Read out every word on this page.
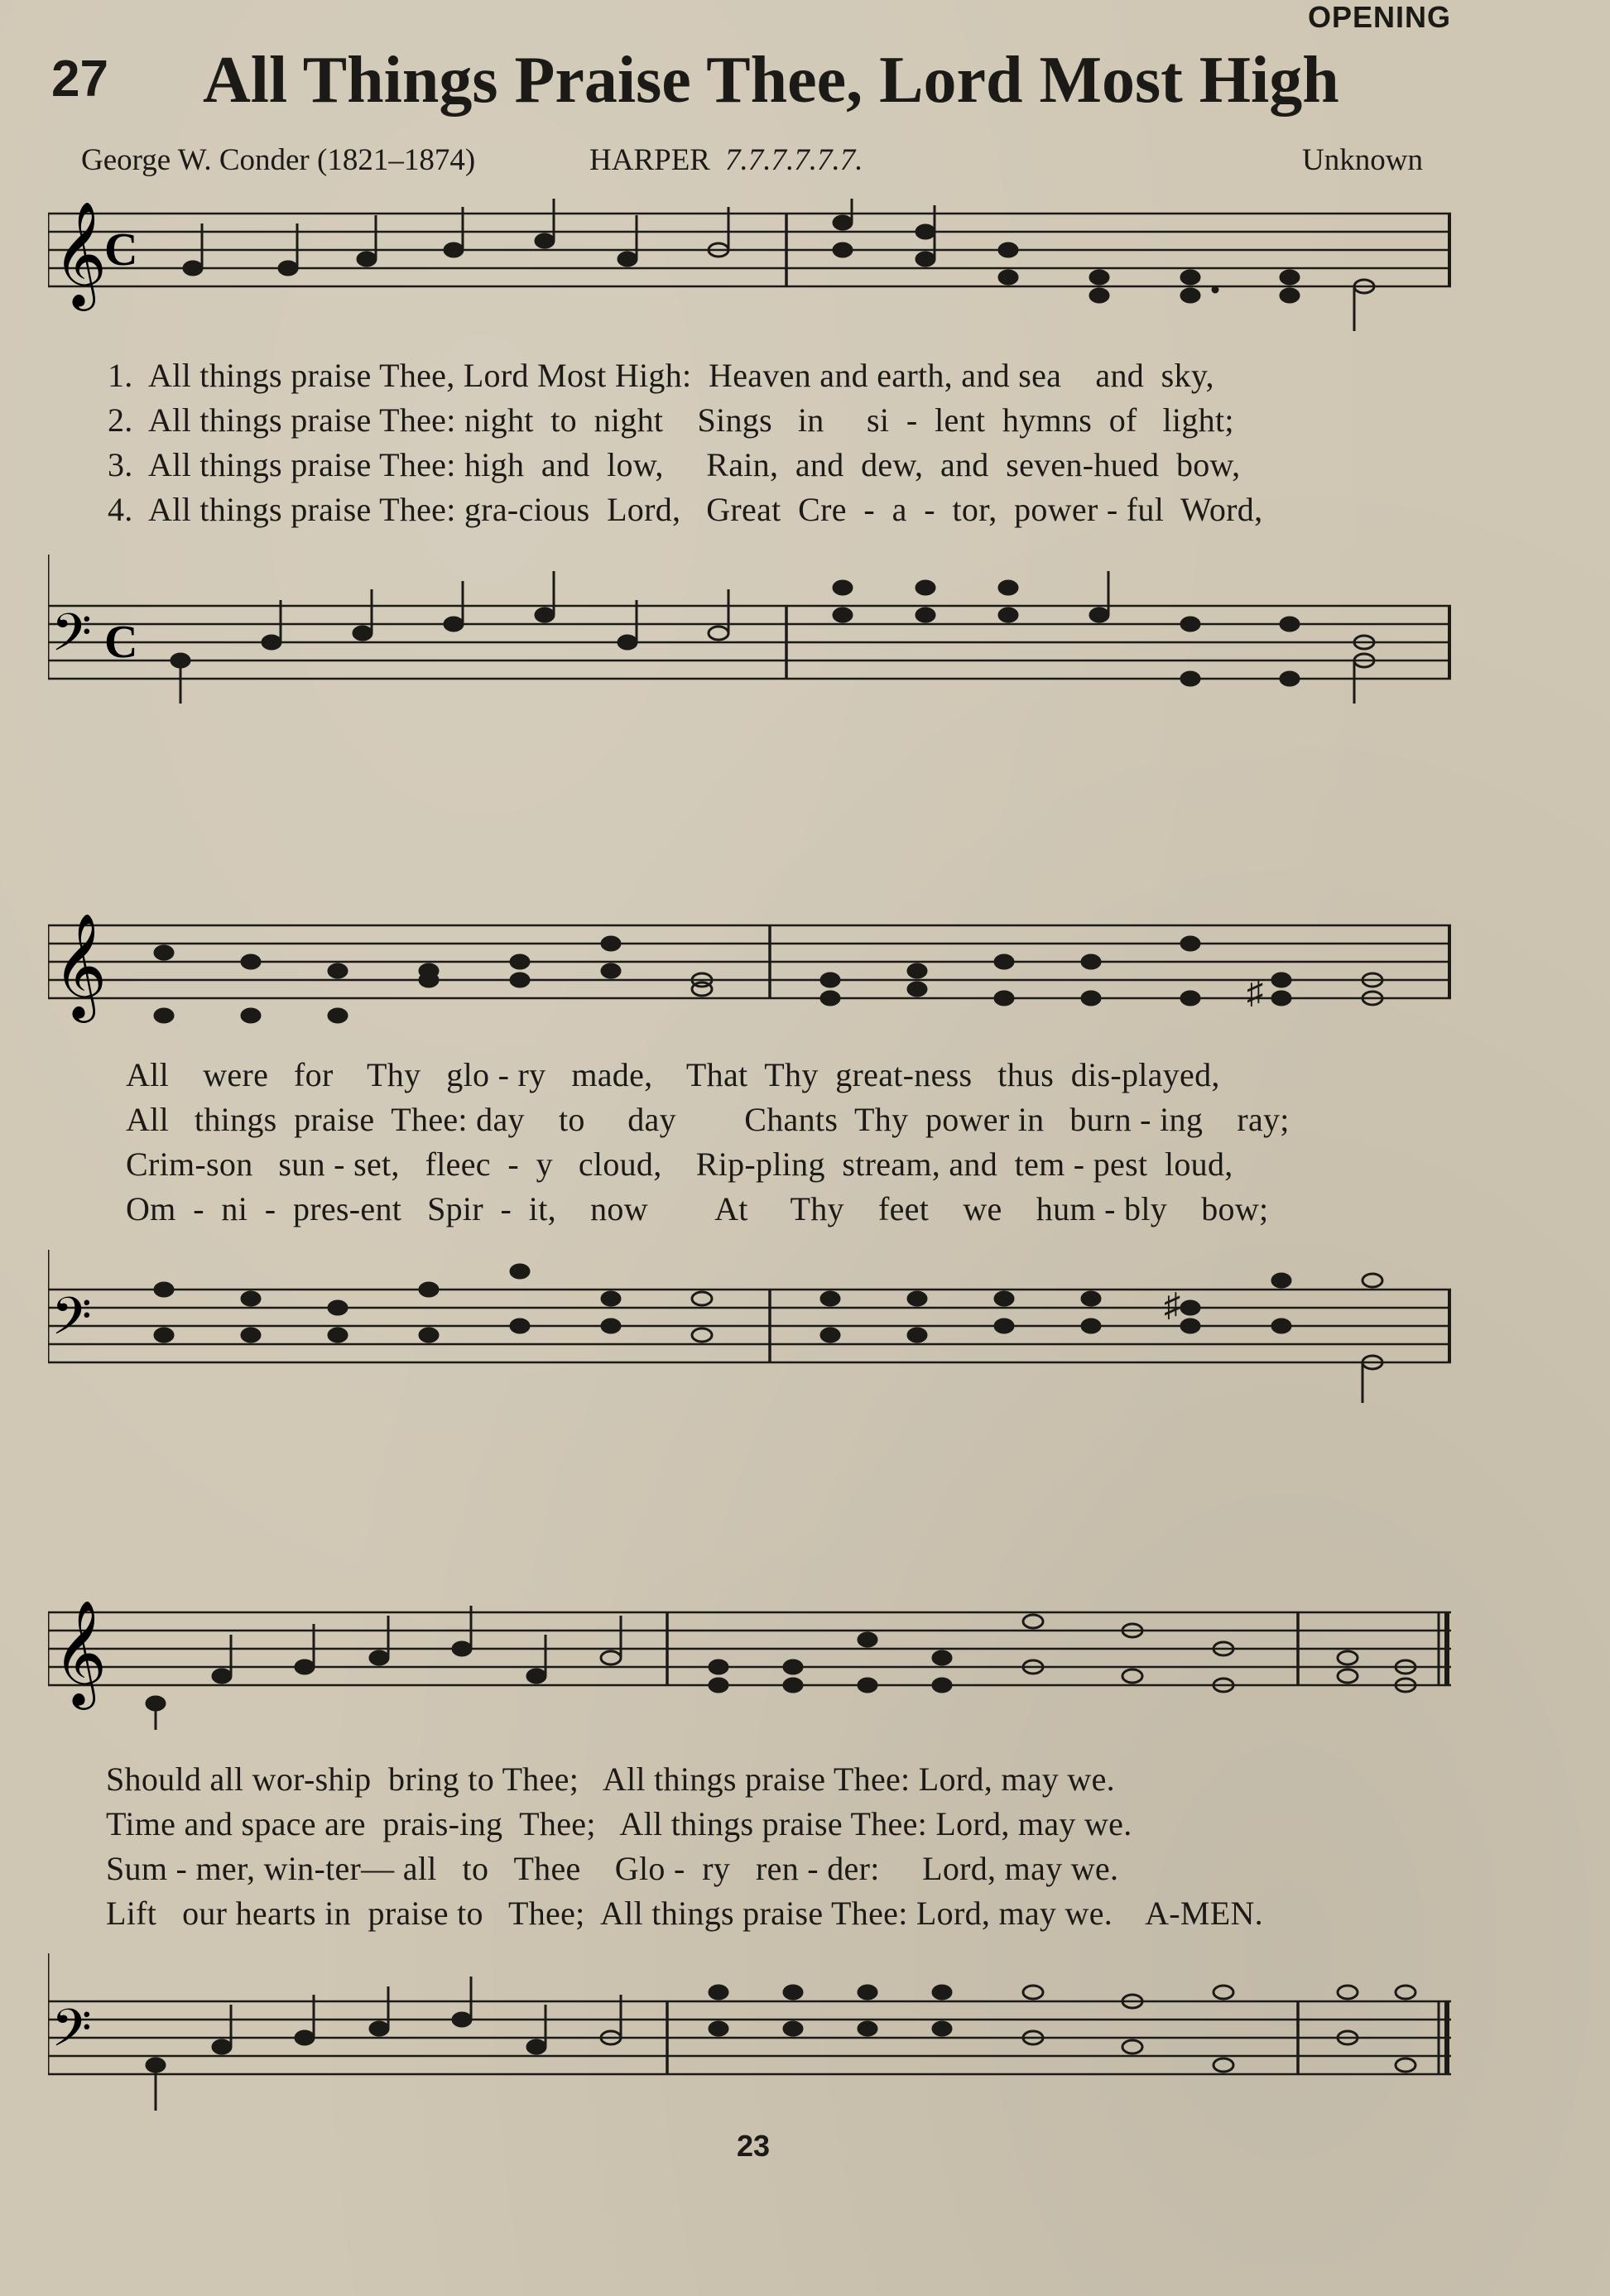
OPENING
27 All Things Praise Thee, Lord Most High
George W. Conder (1821–1874)	HARPER 7.7.7.7.7.7.	Unknown
𝄞
C
1.  All things praise Thee, Lord Most High:  Heaven and earth, and sea    and  sky,
2.  All things praise Thee: night  to  night    Sings   in     si  -  lent  hymns  of   light;
3.  All things praise Thee: high  and  low,     Rain,  and  dew,  and  seven-hued  bow,
4.  All things praise Thee: gra-cious  Lord,   Great  Cre  -  a  -  tor,  power - ful  Word,
𝄢 C
𝄞	♯
All    were   for    Thy   glo - ry   made,    That  Thy  great-ness   thus  dis-played,
All   things  praise  Thee: day    to     day        Chants  Thy  power in   burn - ing    ray;
Crim-son   sun - set,   fleec  -  y   cloud,    Rip-pling  stream, and  tem - pest  loud,
Om  -  ni  -  pres-ent   Spir  -  it,    now        At     Thy    feet    we    hum - bly    bow;
𝄢	♯
𝄞
Should all wor-ship  bring to Thee;   All things praise Thee: Lord, may we.
Time and space are  prais-ing  Thee;   All things praise Thee: Lord, may we.
Sum - mer, win-ter— all   to   Thee    Glo -  ry   ren - der:     Lord, may we.
Lift   our hearts in  praise to   Thee;  All things praise Thee: Lord, may we.    A-MEN.
𝄢
23
